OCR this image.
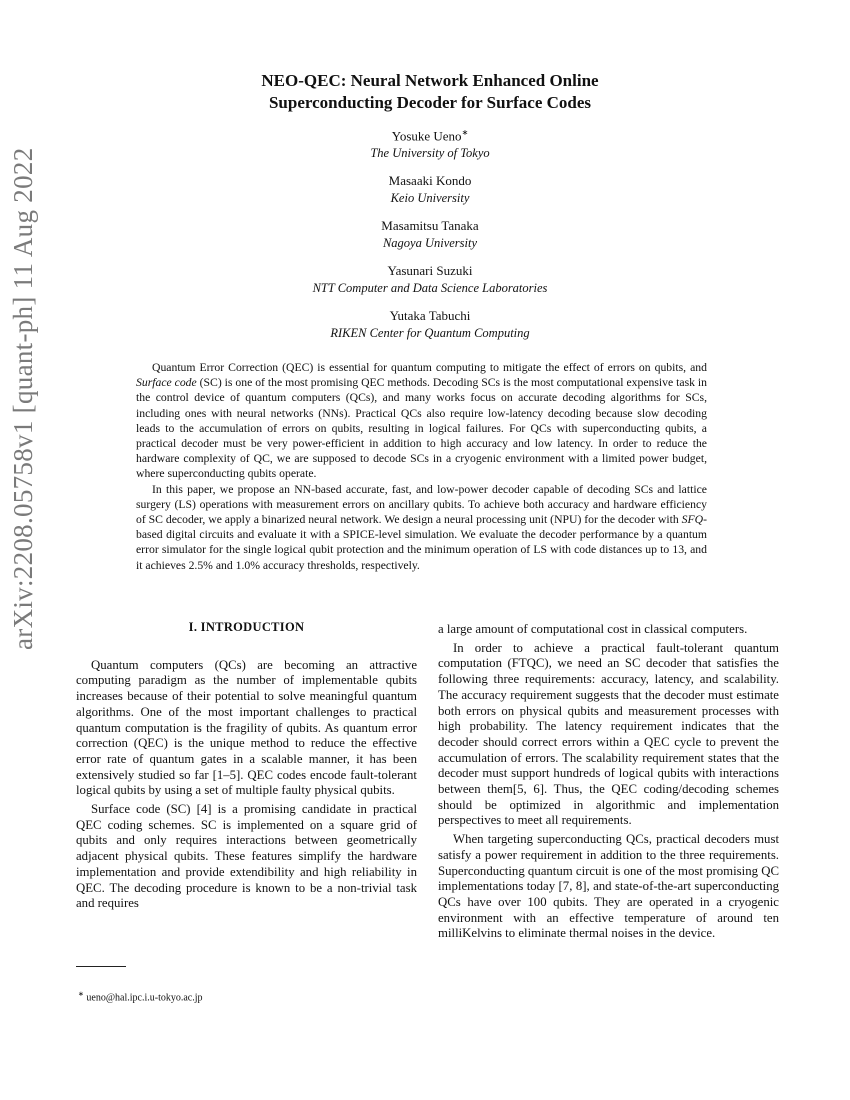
arXiv:2208.05758v1 [quant-ph] 11 Aug 2022
NEO-QEC: Neural Network Enhanced Online
Superconducting Decoder for Surface Codes
Yosuke Ueno∗
The University of Tokyo
Masaaki Kondo
Keio University
Masamitsu Tanaka
Nagoya University
Yasunari Suzuki
NTT Computer and Data Science Laboratories
Yutaka Tabuchi
RIKEN Center for Quantum Computing

Quantum Error Correction (QEC) is essential for quantum computing to mitigate the effect of errors on qubits, and Surface code (SC) is one of the most promising QEC methods. Decoding SCs is the most computational expensive task in the control device of quantum computers (QCs), and many works focus on accurate decoding algorithms for SCs, including ones with neural networks (NNs). Practical QCs also require low-latency decoding because slow decoding leads to the accumulation of errors on qubits, resulting in logical failures. For QCs with superconducting qubits, a practical decoder must be very power-efficient in addition to high accuracy and low latency. In order to reduce the hardware complexity of QC, we are supposed to decode SCs in a cryogenic environment with a limited power budget, where superconducting qubits operate.

In this paper, we propose an NN-based accurate, fast, and low-power decoder capable of decoding SCs and lattice surgery (LS) operations with measurement errors on ancillary qubits. To achieve both accuracy and hardware efficiency of SC decoder, we apply a binarized neural network. We design a neural processing unit (NPU) for the decoder with SFQ-based digital circuits and evaluate it with a SPICE-level simulation. We evaluate the decoder performance by a quantum error simulator for the single logical qubit protection and the minimum operation of LS with code distances up to 13, and it achieves 2.5% and 1.0% accuracy thresholds, respectively.

I. INTRODUCTION

Quantum computers (QCs) are becoming an attractive computing paradigm as the number of implementable qubits increases because of their potential to solve meaningful quantum algorithms. One of the most important challenges to practical quantum computation is the fragility of qubits. As quantum error correction (QEC) is the unique method to reduce the effective error rate of quantum gates in a scalable manner, it has been extensively studied so far [1–5]. QEC codes encode fault-tolerant logical qubits by using a set of multiple faulty physical qubits.

Surface code (SC) [4] is a promising candidate in practical QEC coding schemes. SC is implemented on a square grid of qubits and only requires interactions between geometrically adjacent physical qubits. These features simplify the hardware implementation and provide extendibility and high reliability in QEC. The decoding procedure is known to be a non-trivial task and requires

a large amount of computational cost in classical computers.

In order to achieve a practical fault-tolerant quantum computation (FTQC), we need an SC decoder that satisfies the following three requirements: accuracy, latency, and scalability. The accuracy requirement suggests that the decoder must estimate both errors on physical qubits and measurement processes with high probability. The latency requirement indicates that the decoder should correct errors within a QEC cycle to prevent the accumulation of errors. The scalability requirement states that the decoder must support hundreds of logical qubits with interactions between them[5, 6]. Thus, the QEC coding/decoding schemes should be optimized in algorithmic and implementation perspectives to meet all requirements.

When targeting superconducting QCs, practical decoders must satisfy a power requirement in addition to the three requirements. Superconducting quantum circuit is one of the most promising QC implementations today [7, 8], and state-of-the-art superconducting QCs have over 100 qubits. They are operated in a cryogenic environment with an effective temperature of around ten milliKelvins to eliminate thermal noises in the device.

∗ ueno@hal.ipc.i.u-tokyo.ac.jp
